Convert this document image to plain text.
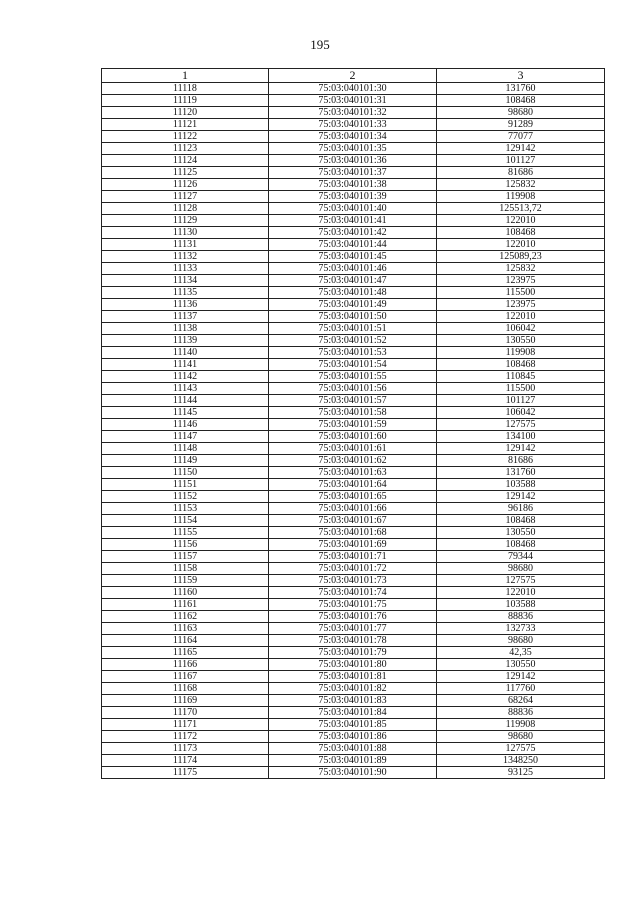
195
1	2	3
11118	75:03:040101:30	131760
11119	75:03:040101:31	108468
11120	75:03:040101:32	98680
11121	75:03:040101:33	91289
11122	75:03:040101:34	77077
11123	75:03:040101:35	129142
11124	75:03:040101:36	101127
11125	75:03:040101:37	81686
11126	75:03:040101:38	125832
11127	75:03:040101:39	119908
11128	75:03:040101:40	125513,72
11129	75:03:040101:41	122010
11130	75:03:040101:42	108468
11131	75:03:040101:44	122010
11132	75:03:040101:45	125089,23
11133	75:03:040101:46	125832
11134	75:03:040101:47	123975
11135	75:03:040101:48	115500
11136	75:03:040101:49	123975
11137	75:03:040101:50	122010
11138	75:03:040101:51	106042
11139	75:03:040101:52	130550
11140	75:03:040101:53	119908
11141	75:03:040101:54	108468
11142	75:03:040101:55	110845
11143	75:03:040101:56	115500
11144	75:03:040101:57	101127
11145	75:03:040101:58	106042
11146	75:03:040101:59	127575
11147	75:03:040101:60	134100
11148	75:03:040101:61	129142
11149	75:03:040101:62	81686
11150	75:03:040101:63	131760
11151	75:03:040101:64	103588
11152	75:03:040101:65	129142
11153	75:03:040101:66	96186
11154	75:03:040101:67	108468
11155	75:03:040101:68	130550
11156	75:03:040101:69	108468
11157	75:03:040101:71	79344
11158	75:03:040101:72	98680
11159	75:03:040101:73	127575
11160	75:03:040101:74	122010
11161	75:03:040101:75	103588
11162	75:03:040101:76	88836
11163	75:03:040101:77	132733
11164	75:03:040101:78	98680
11165	75:03:040101:79	42,35
11166	75:03:040101:80	130550
11167	75:03:040101:81	129142
11168	75:03:040101:82	117760
11169	75:03:040101:83	68264
11170	75:03:040101:84	88836
11171	75:03:040101:85	119908
11172	75:03:040101:86	98680
11173	75:03:040101:88	127575
11174	75:03:040101:89	1348250
11175	75:03:040101:90	93125
